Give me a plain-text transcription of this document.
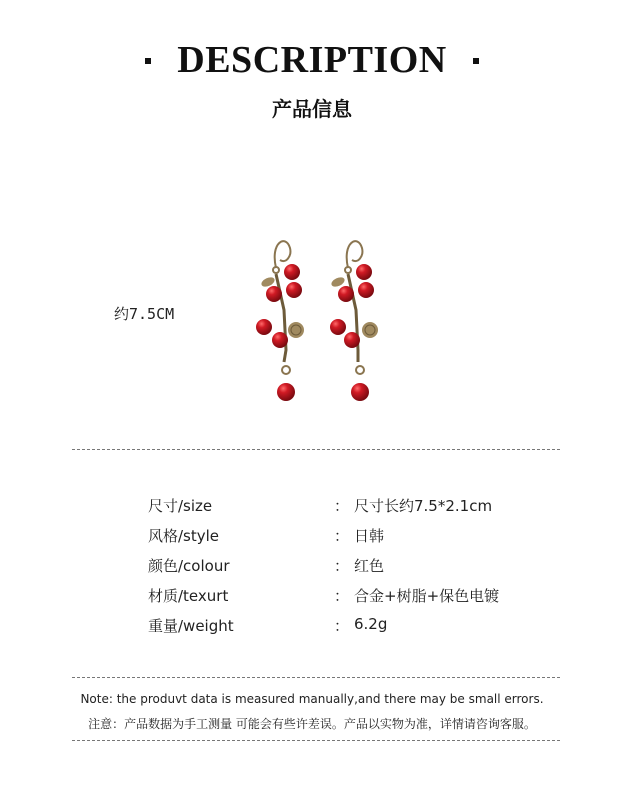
DESCRIPTION
产品信息
约7.5CM
尺寸/size	： 尺寸长约7.5*2.1cm
风格/style	： 日韩
颜色/colour	： 红色
材质/texurt	： 合金+树脂+保色电镀
重量/weight	： 6.2g
Note: the produvt data is measured manually,and there may be small errors.
注意：产品数据为手工测量 可能会有些许差误。产品以实物为准，详情请咨询客服。
